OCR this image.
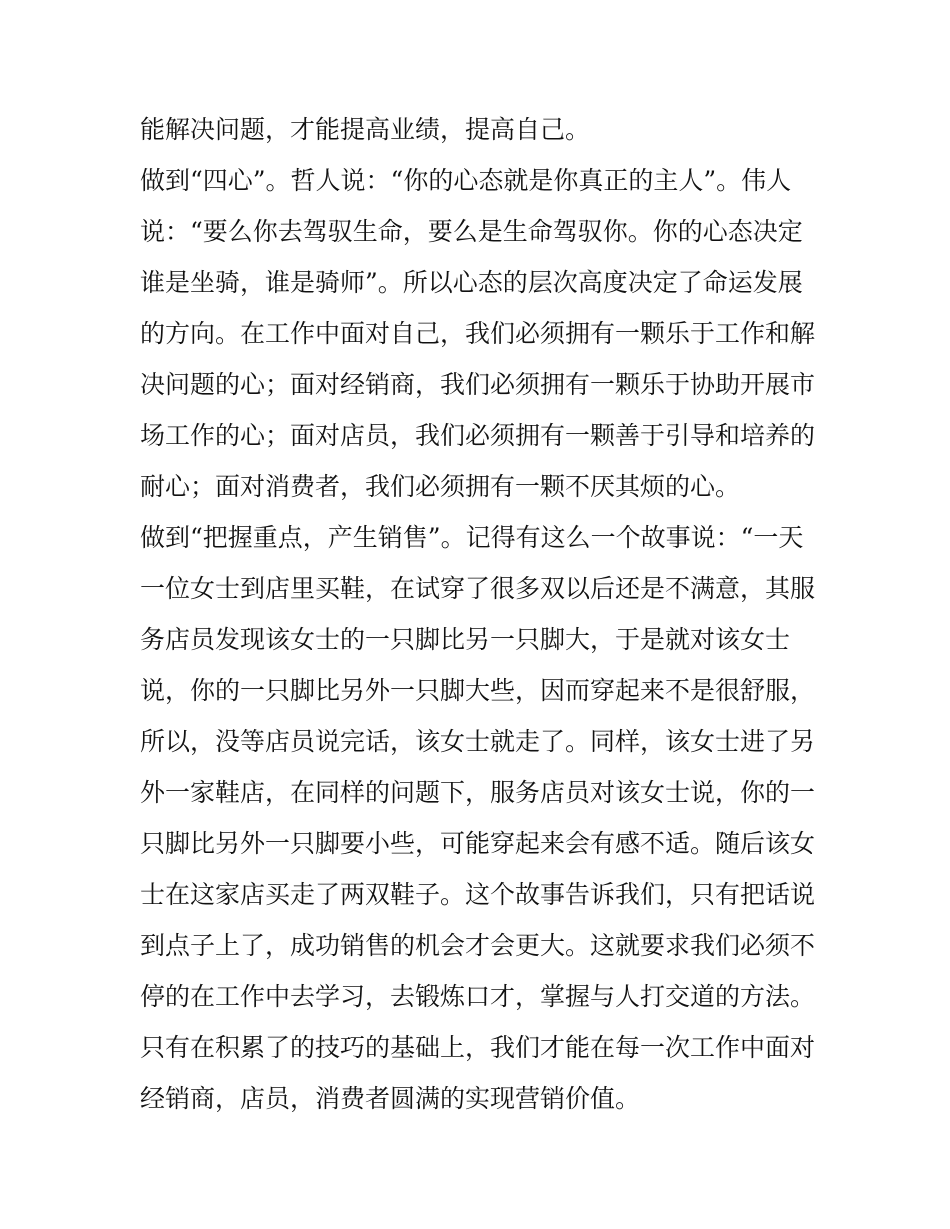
能解决问题，才能提高业绩，提高自己。
做到“四心”。哲人说：“你的心态就是你真正的主人”。伟人
说：“要么你去驾驭生命，要么是生命驾驭你。你的心态决定
谁是坐骑，谁是骑师”。所以心态的层次高度决定了命运发展
的方向。在工作中面对自己，我们必须拥有一颗乐于工作和解
决问题的心；面对经销商，我们必须拥有一颗乐于协助开展市
场工作的心；面对店员，我们必须拥有一颗善于引导和培养的
耐心；面对消费者，我们必须拥有一颗不厌其烦的心。
做到“把握重点，产生销售”。记得有这么一个故事说：“一天
一位女士到店里买鞋，在试穿了很多双以后还是不满意，其服
务店员发现该女士的一只脚比另一只脚大，于是就对该女士
说，你的一只脚比另外一只脚大些，因而穿起来不是很舒服，
所以，没等店员说完话，该女士就走了。同样，该女士进了另
外一家鞋店，在同样的问题下，服务店员对该女士说，你的一
只脚比另外一只脚要小些，可能穿起来会有感不适。随后该女
士在这家店买走了两双鞋子。这个故事告诉我们，只有把话说
到点子上了，成功销售的机会才会更大。这就要求我们必须不
停的在工作中去学习，去锻炼口才，掌握与人打交道的方法。
只有在积累了的技巧的基础上，我们才能在每一次工作中面对
经销商，店员，消费者圆满的实现营销价值。
